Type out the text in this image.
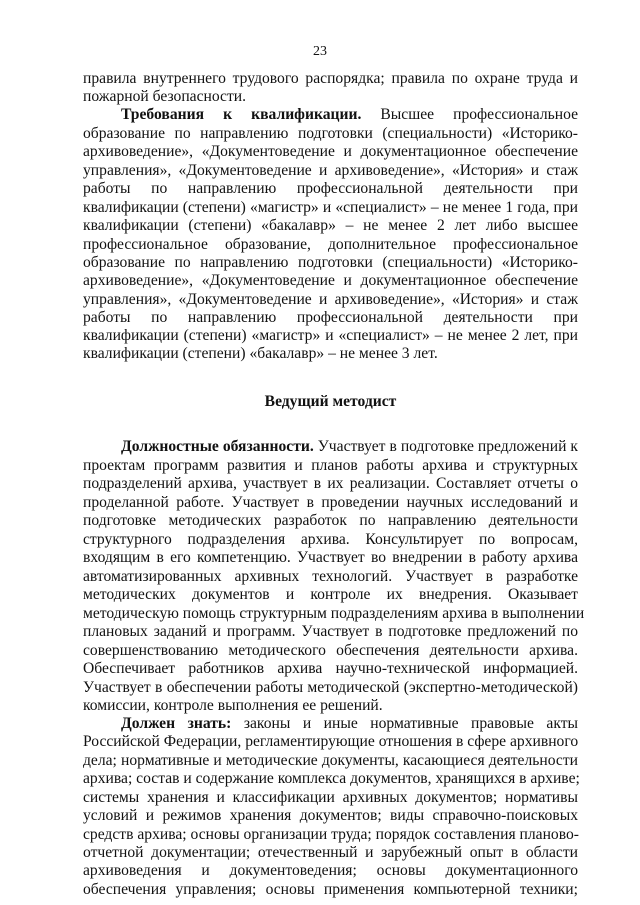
23
правила внутреннего трудового распорядка; правила по охране труда и
пожарной безопасности.
Требования к квалификации. Высшее профессиональное
образование по направлению подготовки (специальности) «Историко-
архивоведение», «Документоведение и документационное обеспечение
управления», «Документоведение и архивоведение», «История» и стаж
работы по направлению профессиональной деятельности при
квалификации (степени) «магистр» и «специалист» – не менее 1 года, при
квалификации (степени) «бакалавр» – не менее 2 лет либо высшее
профессиональное образование, дополнительное профессиональное
образование по направлению подготовки (специальности) «Историко-
архивоведение», «Документоведение и документационное обеспечение
управления», «Документоведение и архивоведение», «История» и стаж
работы по направлению профессиональной деятельности при
квалификации (степени) «магистр» и «специалист» – не менее 2 лет, при
квалификации (степени) «бакалавр» – не менее 3 лет.
Ведущий методист
Должностные обязанности. Участвует в подготовке предложений к
проектам программ развития и планов работы архива и структурных
подразделений архива, участвует в их реализации. Составляет отчеты о
проделанной работе. Участвует в проведении научных исследований и
подготовке методических разработок по направлению деятельности
структурного подразделения архива. Консультирует по вопросам,
входящим в его компетенцию. Участвует во внедрении в работу архива
автоматизированных архивных технологий. Участвует в разработке
методических документов и контроле их внедрения. Оказывает
методическую помощь структурным подразделениям архива в выполнении
плановых заданий и программ. Участвует в подготовке предложений по
совершенствованию методического обеспечения деятельности архива.
Обеспечивает работников архива научно-технической информацией.
Участвует в обеспечении работы методической (экспертно-методической)
комиссии, контроле выполнения ее решений.
Должен знать: законы и иные нормативные правовые акты
Российской Федерации, регламентирующие отношения в сфере архивного
дела; нормативные и методические документы, касающиеся деятельности
архива; состав и содержание комплекса документов, хранящихся в архиве;
системы хранения и классификации архивных документов; нормативы
условий и режимов хранения документов; виды справочно-поисковых
средств архива; основы организации труда; порядок составления планово-
отчетной документации; отечественный и зарубежный опыт в области
архивоведения и документоведения; основы документационного
обеспечения управления; основы применения компьютерной техники;
